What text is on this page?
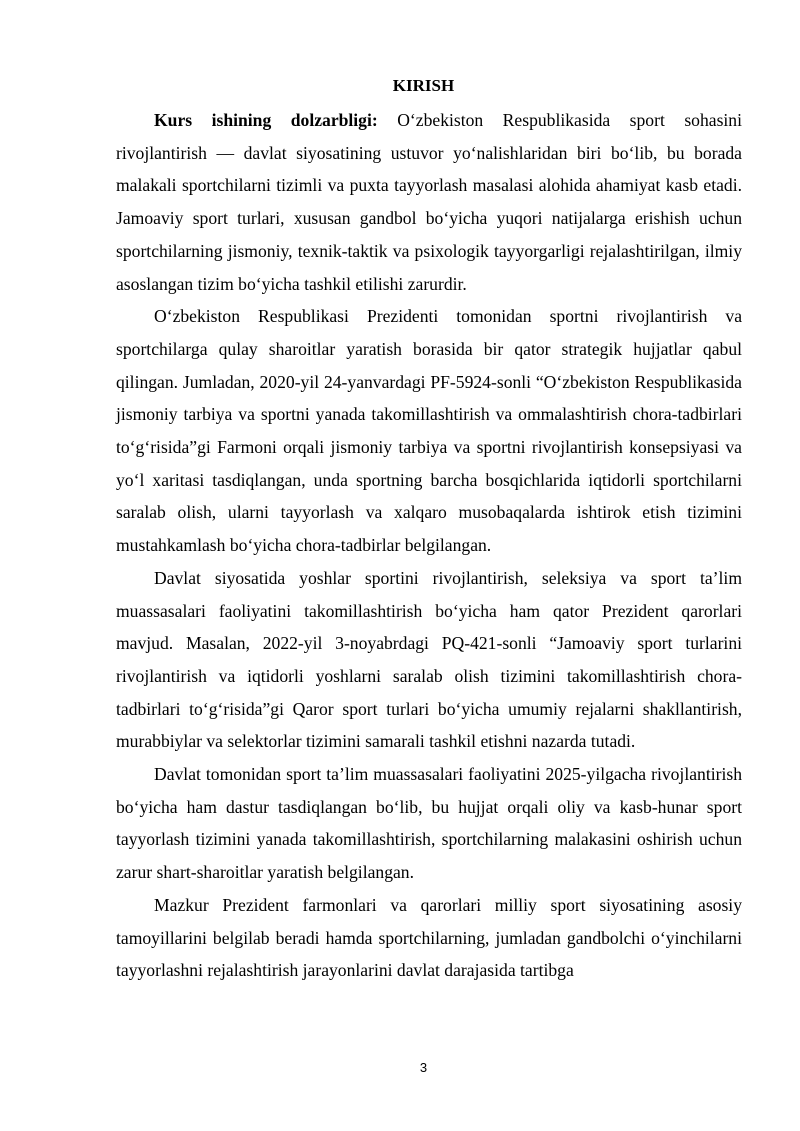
KIRISH

Kurs ishining dolzarbligi: O‘zbekiston Respublikasida sport sohasini rivojlantirish — davlat siyosatining ustuvor yo‘nalishlaridan biri bo‘lib, bu borada malakali sportchilarni tizimli va puxta tayyorlash masalasi alohida ahamiyat kasb etadi. Jamoaviy sport turlari, xususan gandbol bo‘yicha yuqori natijalarga erishish uchun sportchilarning jismoniy, texnik-taktik va psixologik tayyorgarligi rejalashtirilgan, ilmiy asoslangan tizim bo‘yicha tashkil etilishi zarurdir.

O‘zbekiston Respublikasi Prezidenti tomonidan sportni rivojlantirish va sportchilarga qulay sharoitlar yaratish borasida bir qator strategik hujjatlar qabul qilingan. Jumladan, 2020-yil 24-yanvardagi PF-5924-sonli “O‘zbekiston Respublikasida jismoniy tarbiya va sportni yanada takomillashtirish va ommalashtirish chora-tadbirlari to‘g‘risida”gi Farmoni orqali jismoniy tarbiya va sportni rivojlantirish konsepsiyasi va yo‘l xaritasi tasdiqlangan, unda sportning barcha bosqichlarida iqtidorli sportchilarni saralab olish, ularni tayyorlash va xalqaro musobaqalarda ishtirok etish tizimini mustahkamlash bo‘yicha chora-tadbirlar belgilangan.

Davlat siyosatida yoshlar sportini rivojlantirish, seleksiya va sport ta’lim muassasalari faoliyatini takomillashtirish bo‘yicha ham qator Prezident qarorlari mavjud. Masalan, 2022-yil 3-noyabrdagi PQ-421-sonli “Jamoaviy sport turlarini rivojlantirish va iqtidorli yoshlarni saralab olish tizimini takomillashtirish chora-tadbirlari to‘g‘risida”gi Qaror sport turlari bo‘yicha umumiy rejalarni shakllantirish, murabbiylar va selektorlar tizimini samarali tashkil etishni nazarda tutadi.

Davlat tomonidan sport ta’lim muassasalari faoliyatini 2025-yilgacha rivojlantirish bo‘yicha ham dastur tasdiqlangan bo‘lib, bu hujjat orqali oliy va kasb-hunar sport tayyorlash tizimini yanada takomillashtirish, sportchilarning malakasini oshirish uchun zarur shart-sharoitlar yaratish belgilangan.

Mazkur Prezident farmonlari va qarorlari milliy sport siyosatining asosiy tamoyillarini belgilab beradi hamda sportchilarning, jumladan gandbolchi o‘yinchilarni tayyorlashni rejalashtirish jarayonlarini davlat darajasida tartibga

3
